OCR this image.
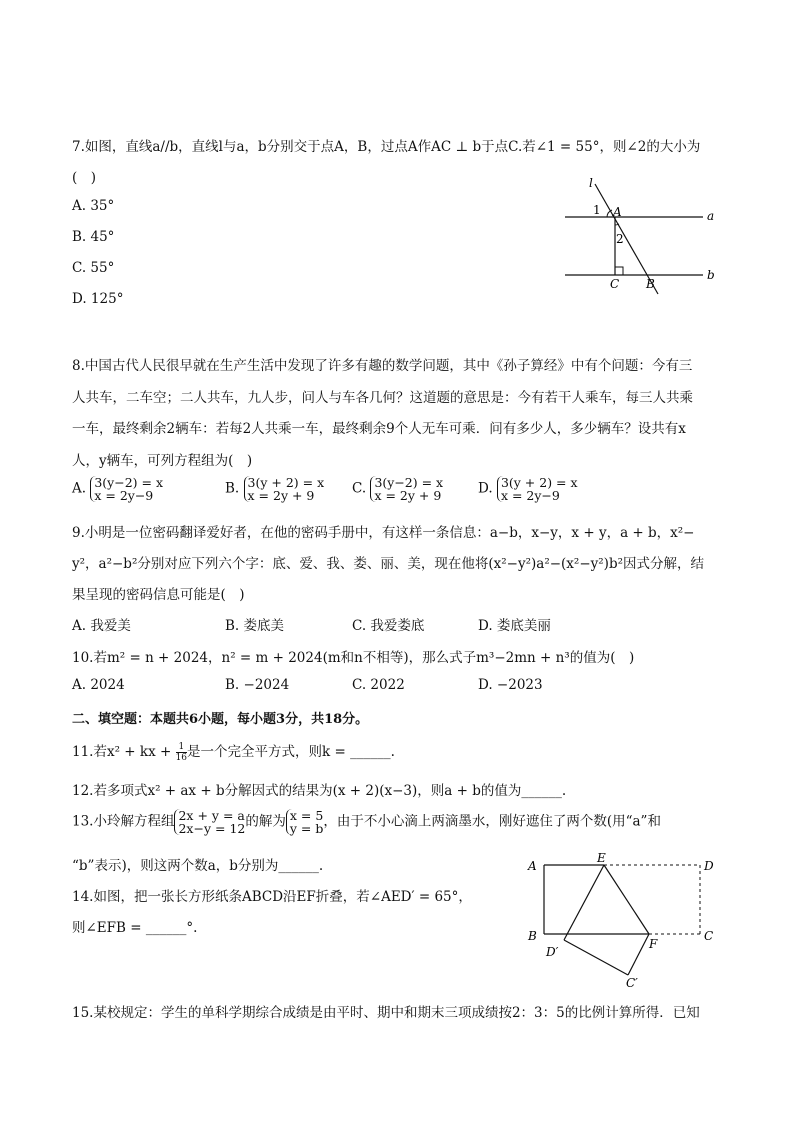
7.如图，直线a//b，直线l与a，b分别交于点A，B，过点A作AC ⊥ b于点C.若∠1 = 55°，则∠2的大小为
(　)
A. 35°
B. 45°
C. 55°
D. 125°
l
1 A	a
2
C B
b
8.中国古代人民很早就在生产生活中发现了许多有趣的数学问题，其中《孙子算经》中有个问题：今有三
人共车，二车空；二人共车，九人步，问人与车各几何？这道题的意思是：今有若干人乘车，每三人共乘
一车，最终剩余2辆车：若每2人共乘一车，最终剩余9个人无车可乘．问有多少人，多少辆车？设共有x
人，y辆车，可列方程组为(　)
A. 3(y−2) = x
x = 2y−9	B. 3(y + 2) = x
x = 2y + 9	C. 3(y−2) = x
x = 2y + 9	D. 3(y + 2) = x
x = 2y−9
9.小明是一位密码翻译爱好者，在他的密码手册中，有这样一条信息：a−b，x−y，x + y，a + b，x²−
y²，a²−b²分别对应下列六个字：底、爱、我、娄、丽、美，现在他将(x²−y²)a²−(x²−y²)b²因式分解，结
果呈现的密码信息可能是(　)
A. 我爱美	B. 娄底美	C. 我爱娄底	D. 娄底美丽
10.若m² = n + 2024，n² = m + 2024(m和n不相等)，那么式子m³−2mn + n³的值为(　)
A. 2024	B. −2024	C. 2022	D. −2023
二、填空题：本题共6小题，每小题3分，共18分。
11.若x² + kx + $\frac{1}{16}$ 是一个完全平方式，则k = ______.
12.若多项式x² + ax + b分解因式的结果为(x + 2)(x−3)，则a + b的值为______.
13.小玲解方程组 2x + y = a
2x−y = 12的解为 x = 5
y = b，由于不小心滴上两滴墨水，刚好遮住了两个数(用“a”和
“b”表示)，则这两个数a，b分别为______.
14.如图，把一张长方形纸条ABCD沿EF折叠，若∠AED′ = 65°，
则∠EFB = ______°.
A
E
D
B
D′
F
C
C′
15.某校规定：学生的单科学期综合成绩是由平时、期中和期末三项成绩按2：3：5的比例计算所得．已知
